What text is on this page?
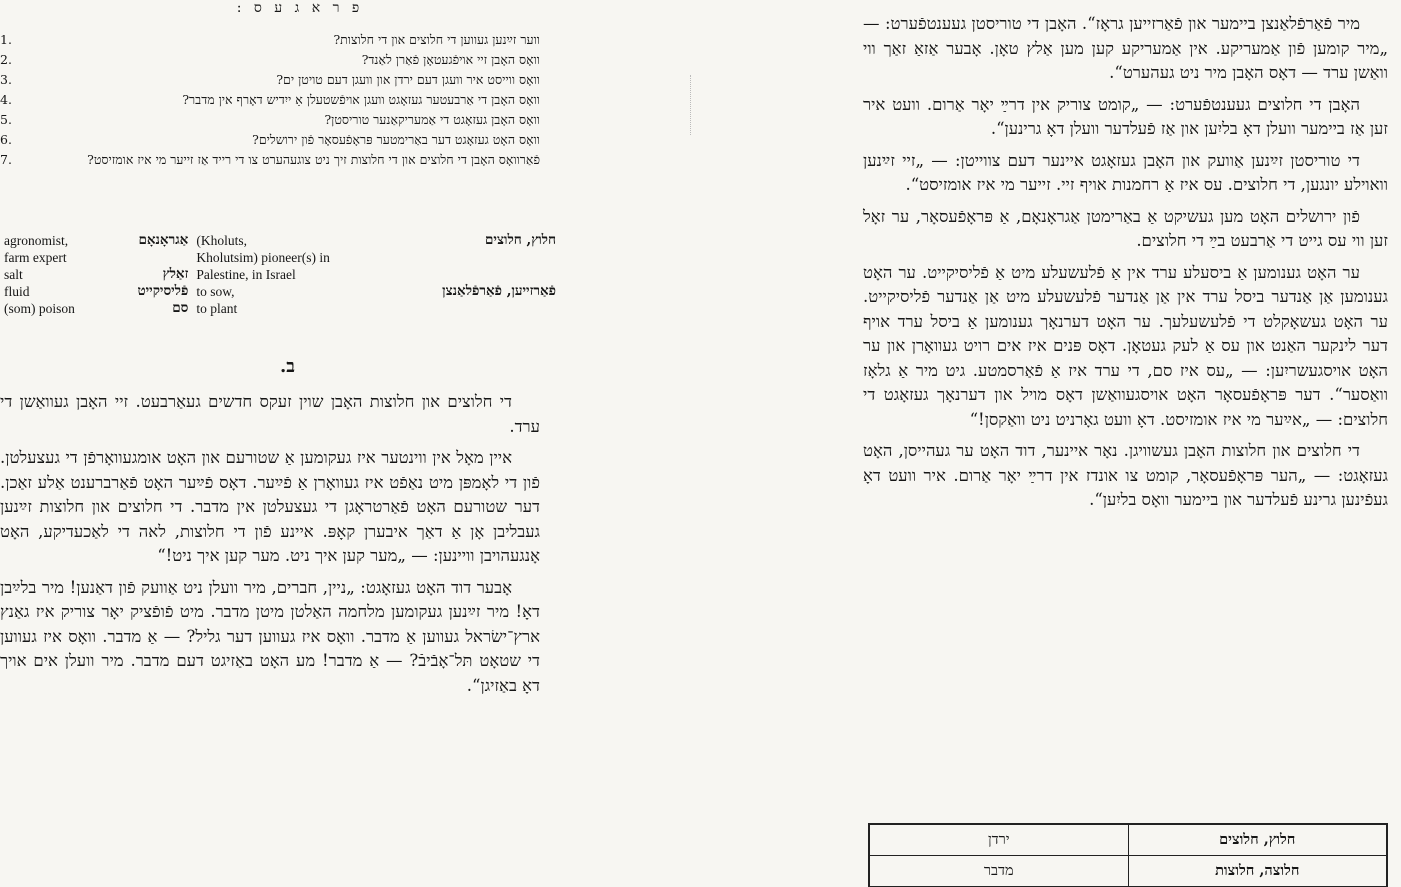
פ ר א ג ע ס :
ווער זײַנען געווען די חלוצים און די חלוצות?
1.
וואָס האָבן זיי אויפֿגעטאָן פֿאַרן לאַנד?
2.
וואָס ווייסט איר וועגן דעם ירדן און וועגן דעם טויטן ים?
3.
וואָס האָבן די אַרבעטער געזאָגט וועגן אויפֿשטעלן אַ ייִדיש דאָרף אין מדבר?
4.
וואָס האָבן געזאָגט די אַמעריקאַנער טוריסטן?
5.
וואָס האָט געזאָגט דער באַרימטער פּראָפֿעסאָר פֿון ירושלים?
6.
פֿאַרוואָס האָבן די חלוצים און די חלוצות זיך ניט צוגעהערט צו די רייד אַז זייער מי איז אומזיסט?
7.
חלוץ, חלוצים	(Kholuts,	אַגראָנאָם	agronomist,
	Kholutsim) pioneer(s) in		farm expert
	Palestine, in Israel	זאַלץ	salt
פֿאַרזייען, פֿאַרפֿלאַנצן	to sow,	פֿליסיקייט	fluid
	to plant	סם	(som) poison
ב.

די חלוצים און חלוצות האָבן שוין זעקס חדשים געאַרבעט. זיי האָבן געוואַשן די ערד.

איין מאָל אין ווינטער איז געקומען אַ שטורעם און האָט אומגעוואָרפֿן די געצעלטן. פֿון די לאָמפּן מיט נאַפֿט איז געוואָרן אַ פֿײַער. דאָס פֿײַער האָט פֿאַרברענט אַלע זאַכן. דער שטורעם האָט פֿאַרטראָגן די געצעלטן אין מדבר. די חלוצים און חלוצות זײַנען געבליבן אָן אַ דאַך איבערן קאָפּ. איינע פֿון די חלוצות, לאה די לאַכעדיקע, האָט אָנגעהויבן וויינען: — „מער קען איך ניט. מער קען איך ניט!“

אָבער דוד האָט געזאָגט: „ניין, חברים, מיר וועלן ניט אַוועק פֿון דאַנען! מיר בלײַבן דאָ! מיר זײַנען געקומען מלחמה האַלטן מיטן מדבר. מיט פֿופֿציק יאָר צוריק איז גאַנץ ארץ־ישׂראל געווען אַ מדבר. וואָס איז געווען דער גליל? — אַ מדבר. וואָס איז געווען די שטאָט תּל־אָבֿיבֿ? — אַ מדבר! מע האָט באַזיגט דעם מדבר. מיר וועלן אים אויך דאָ באַזיגן“.

מיר פֿאַרפֿלאַנצן ביימער און פֿאַרזייען גראָז“. האָבן די טוריסטן געענטפֿערט: — „מיר קומען פֿון אַמעריקע. אין אַמעריקע קען מען אַלץ טאָן. אָבער אַזאַ זאַך ווי וואַשן ערד — דאָס האָבן מיר ניט געהערט“.

האָבן די חלוצים געענטפֿערט: — „קומט צוריק אין דרײַ יאָר אַרום. וועט איר זען אַז ביימער וועלן דאָ בליִען און אַז פֿעלדער וועלן דאָ גרינען“.

די טוריסטן זײַנען אַוועק און האָבן געזאָגט איינער דעם צווייטן: — „זיי זײַנען וואוילע יונגען, די חלוצים. עס איז אַ רחמנות אויף זיי. זייער מי איז אומזיסט“.

פֿון ירושלים האָט מען געשיקט אַ באַרימטן אַגראָנאָם, אַ פּראָפֿעסאָר, ער זאָל זען ווי עס גייט די אַרבעט בײַ די חלוצים.

ער האָט גענומען אַ ביסעלע ערד אין אַ פֿלעשעלע מיט אַ פֿליסיקייט. ער האָט גענומען אַן אַנדער ביסל ערד אין אַן אַנדער פֿלעשעלע מיט אַן אַנדער פֿליסיקייט. ער האָט געשאָקלט די פֿלעשעלעך. ער האָט דערנאָך גענומען אַ ביסל ערד אויף דער לינקער האַנט און עס אַ לעק געטאָן. דאָס פּנים איז אים רויט געוואָרן און ער האָט אויסגעשריִען: — „עס איז סם, די ערד איז אַ פֿאַרסמטע. גיט מיר אַ גלאָז וואַסער“. דער פּראָפֿעסאָר האָט אויסגעוואַשן דאָס מויל און דערנאָך געזאָגט די חלוצים: — „אײַער מי איז אומזיסט. דאָ וועט גאָרניט ניט וואַקסן!“

די חלוצים און חלוצות האָבן געשוויגן. נאָר איינער, דוד האָט ער געהייסן, האָט געזאָגט: — „הער פּראָפֿעסאָר, קומט צו אונדז אין דרײַ יאָר אַרום. איר וועט דאָ געפֿינען גרינע פֿעלדער און ביימער וואָס בליִען“.

חלוץ, חלוצים	ירדן
חלוצה, חלוצות	מדבר
